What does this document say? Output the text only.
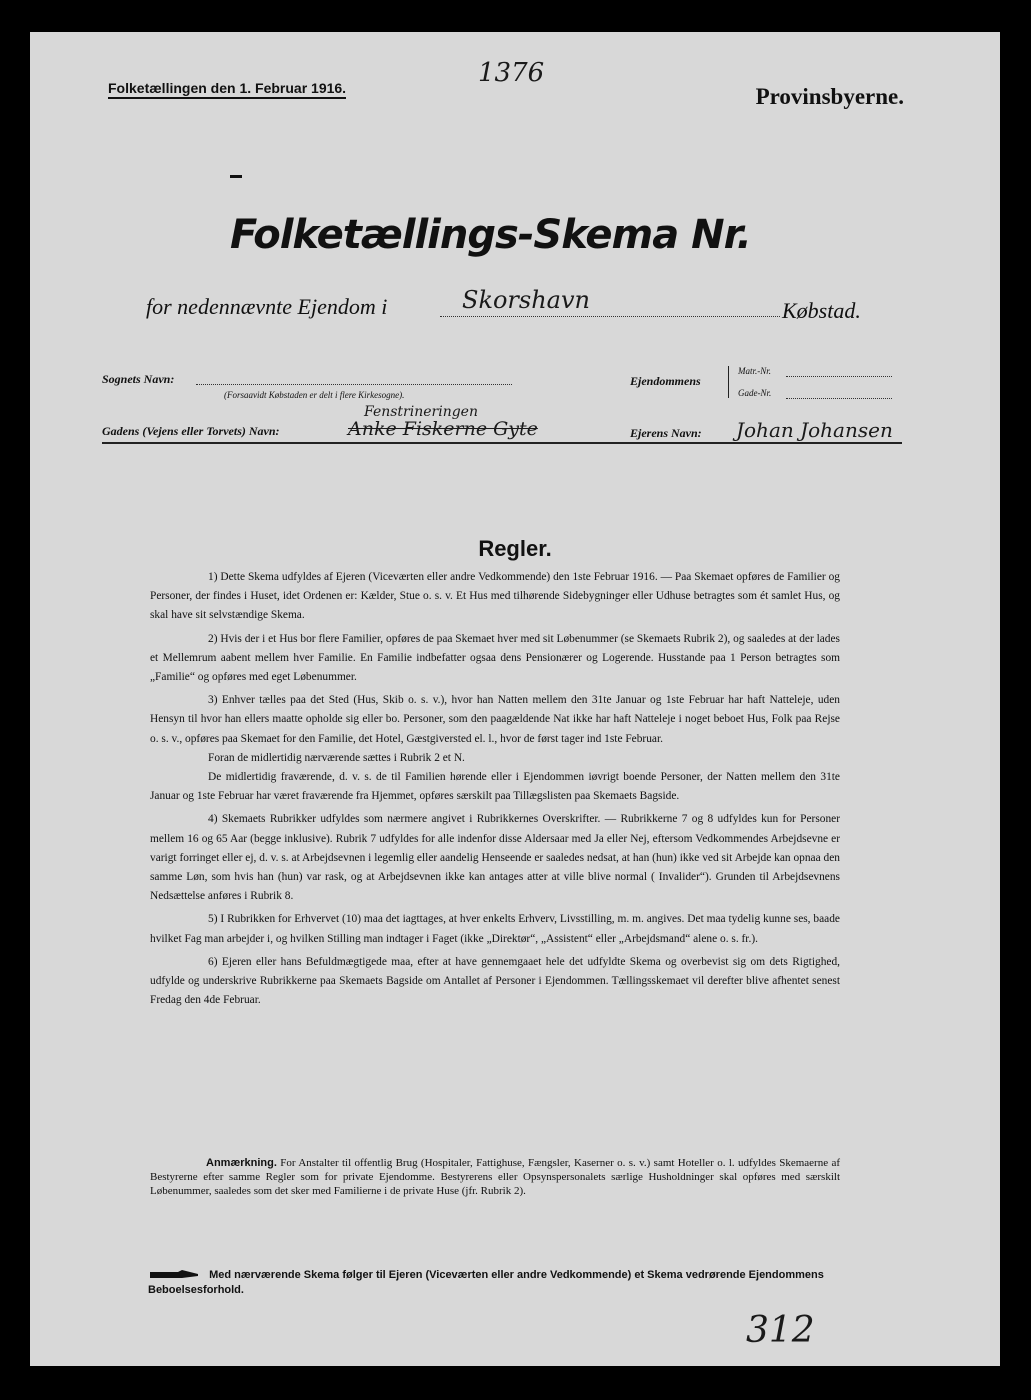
Folketællingen den 1. Februar 1916.	1376
Provinsbyerne.
Folketællings-Skema Nr.
for nedennævnte Ejendom i	Skorshavn	Købstad.
Sognets Navn:
(Forsaavidt Købstaden er delt i flere Kirkesogne).
Ejendommens
Matr.-Nr.
Gade-Nr.
Gadens (Vejens eller Torvets) Navn:
Fenstrineringen
Anke Fiskerne Gyte	Ejerens Navn: Johan Johansen
Regler.

1) Dette Skema udfyldes af Ejeren (Viceværten eller andre Vedkommende) den 1ste Februar 1916. — Paa Skemaet opføres de Familier og Personer, der findes i Huset, idet Ordenen er: Kælder, Stue o. s. v. Et Hus med tilhørende Sidebygninger eller Udhuse betragtes som ét samlet Hus, og skal have sit selvstændige Skema.

2) Hvis der i et Hus bor flere Familier, opføres de paa Skemaet hver med sit Løbenummer (se Skemaets Rubrik 2), og saaledes at der lades et Mellemrum aabent mellem hver Familie. En Familie indbefatter ogsaa dens Pensionærer og Logerende. Husstande paa 1 Person betragtes som „Familie“ og opføres med eget Løbenummer.

3) Enhver tælles paa det Sted (Hus, Skib o. s. v.), hvor han Natten mellem den 31te Januar og 1ste Februar har haft Natteleje, uden Hensyn til hvor han ellers maatte opholde sig eller bo. Personer, som den paagældende Nat ikke har haft Natteleje i noget beboet Hus, Folk paa Rejse o. s. v., opføres paa Skemaet for den Familie, det Hotel, Gæstgiversted el. l., hvor de først tager ind 1ste Februar.

Foran de midlertidig nærværende sættes i Rubrik 2 et N.

De midlertidig fraværende, d. v. s. de til Familien hørende eller i Ejendommen iøvrigt boende Personer, der Natten mellem den 31te Januar og 1ste Februar har været fraværende fra Hjemmet, opføres særskilt paa Tillægslisten paa Skemaets Bagside.

4) Skemaets Rubrikker udfyldes som nærmere angivet i Rubrikkernes Overskrifter. — Rubrikkerne 7 og 8 udfyldes kun for Personer mellem 16 og 65 Aar (begge inklusive). Rubrik 7 udfyldes for alle indenfor disse Aldersaar med Ja eller Nej, eftersom Vedkommendes Arbejdsevne er varigt forringet eller ej, d. v. s. at Arbejdsevnen i legemlig eller aandelig Henseende er saaledes nedsat, at han (hun) ikke ved sit Arbejde kan opnaa den samme Løn, som hvis han (hun) var rask, og at Arbejdsevnen ikke kan antages atter at ville blive normal ( Invalider“). Grunden til Arbejdsevnens Nedsættelse anføres i Rubrik 8.

5) I Rubrikken for Erhvervet (10) maa det iagttages, at hver enkelts Erhverv, Livsstilling, m. m. angives. Det maa tydelig kunne ses, baade hvilket Fag man arbejder i, og hvilken Stilling man indtager i Faget (ikke „Direktør“, „Assistent“ eller „Arbejdsmand“ alene o. s. fr.).

6) Ejeren eller hans Befuldmægtigede maa, efter at have gennemgaaet hele det udfyldte Skema og overbevist sig om dets Rigtighed, udfylde og underskrive Rubrikkerne paa Skemaets Bagside om Antallet af Personer i Ejendommen. Tællingsskemaet vil derefter blive afhentet senest Fredag den 4de Februar.

Anmærkning. For Anstalter til offentlig Brug (Hospitaler, Fattighuse, Fængsler, Kaserner o. s. v.) samt Hoteller o. l. udfyldes Skemaerne af Bestyrerne efter samme Regler som for private Ejendomme. Bestyrerens eller Opsynspersonalets særlige Husholdninger skal opføres med særskilt Løbenummer, saaledes som det sker med Familierne i de private Huse (jfr. Rubrik 2).
Med nærværende Skema følger til Ejeren (Viceværten eller andre Vedkommende) et Skema vedrørende Ejendommens Beboelsesforhold.
312
